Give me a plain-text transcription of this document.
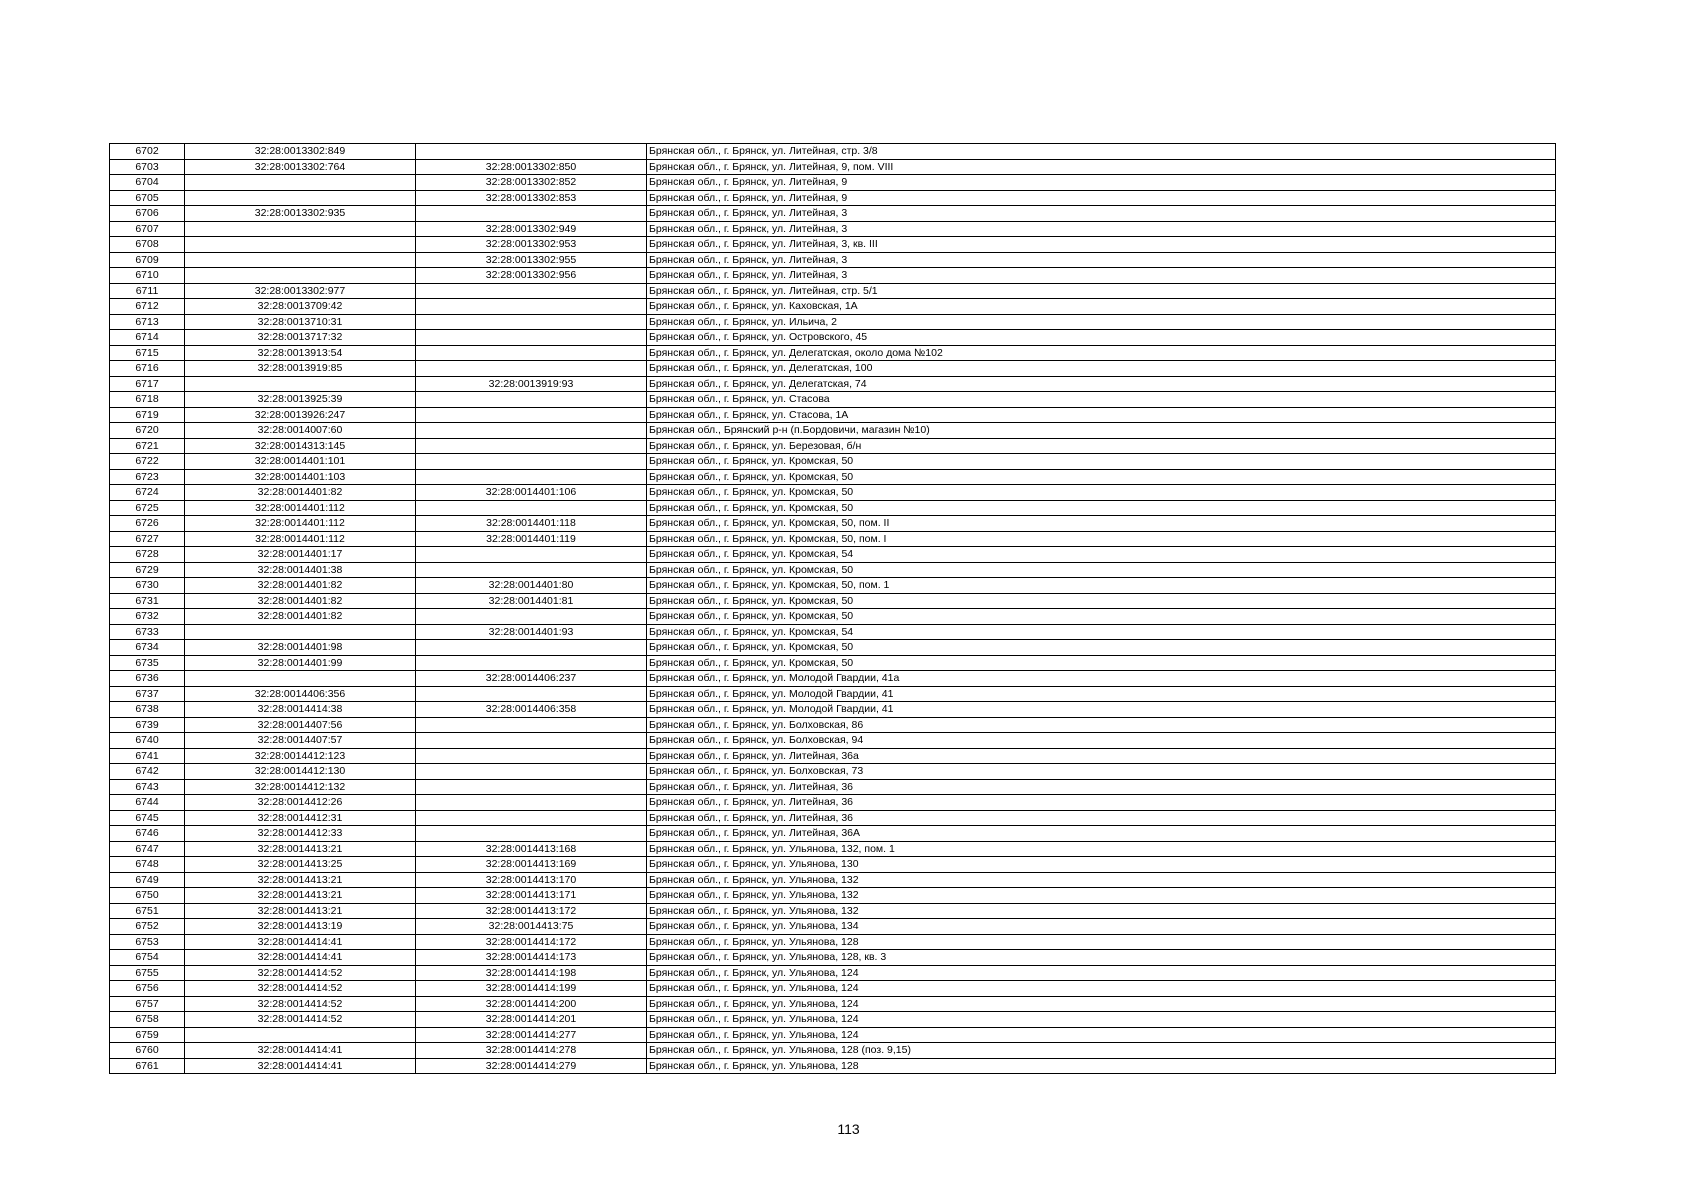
6702	32:28:0013302:849		Брянская обл., г. Брянск, ул. Литейная, стр. 3/8
6703	32:28:0013302:764	32:28:0013302:850	Брянская обл., г. Брянск, ул. Литейная, 9, пом. VIII
6704		32:28:0013302:852	Брянская обл., г. Брянск, ул. Литейная, 9
6705		32:28:0013302:853	Брянская обл., г. Брянск, ул. Литейная, 9
6706	32:28:0013302:935		Брянская обл., г. Брянск, ул. Литейная, 3
6707		32:28:0013302:949	Брянская обл., г. Брянск, ул. Литейная, 3
6708		32:28:0013302:953	Брянская обл., г. Брянск, ул. Литейная, 3, кв. III
6709		32:28:0013302:955	Брянская обл., г. Брянск, ул. Литейная, 3
6710		32:28:0013302:956	Брянская обл., г. Брянск, ул. Литейная, 3
6711	32:28:0013302:977		Брянская обл., г. Брянск, ул. Литейная, стр. 5/1
6712	32:28:0013709:42		Брянская обл., г. Брянск, ул. Каховская, 1А
6713	32:28:0013710:31		Брянская обл., г. Брянск, ул. Ильича, 2
6714	32:28:0013717:32		Брянская обл., г. Брянск, ул. Островского, 45
6715	32:28:0013913:54		Брянская обл., г. Брянск, ул. Делегатская, около дома №102
6716	32:28:0013919:85		Брянская обл., г. Брянск, ул. Делегатская, 100
6717		32:28:0013919:93	Брянская обл., г. Брянск, ул. Делегатская, 74
6718	32:28:0013925:39		Брянская обл., г. Брянск, ул. Стасова
6719	32:28:0013926:247		Брянская обл., г. Брянск, ул. Стасова, 1А
6720	32:28:0014007:60		Брянская обл., Брянский р-н (п.Бордовичи, магазин №10)
6721	32:28:0014313:145		Брянская обл., г. Брянск, ул. Березовая, б/н
6722	32:28:0014401:101		Брянская обл., г. Брянск, ул. Кромская, 50
6723	32:28:0014401:103		Брянская обл., г. Брянск, ул. Кромская, 50
6724	32:28:0014401:82	32:28:0014401:106	Брянская обл., г. Брянск, ул. Кромская, 50
6725	32:28:0014401:112		Брянская обл., г. Брянск, ул. Кромская, 50
6726	32:28:0014401:112	32:28:0014401:118	Брянская обл., г. Брянск, ул. Кромская, 50, пом. II
6727	32:28:0014401:112	32:28:0014401:119	Брянская обл., г. Брянск, ул. Кромская, 50, пом. I
6728	32:28:0014401:17		Брянская обл., г. Брянск, ул. Кромская, 54
6729	32:28:0014401:38		Брянская обл., г. Брянск, ул. Кромская, 50
6730	32:28:0014401:82	32:28:0014401:80	Брянская обл., г. Брянск, ул. Кромская, 50, пом. 1
6731	32:28:0014401:82	32:28:0014401:81	Брянская обл., г. Брянск, ул. Кромская, 50
6732	32:28:0014401:82		Брянская обл., г. Брянск, ул. Кромская, 50
6733		32:28:0014401:93	Брянская обл., г. Брянск, ул. Кромская, 54
6734	32:28:0014401:98		Брянская обл., г. Брянск, ул. Кромская, 50
6735	32:28:0014401:99		Брянская обл., г. Брянск, ул. Кромская, 50
6736		32:28:0014406:237	Брянская обл., г. Брянск, ул. Молодой Гвардии, 41а
6737	32:28:0014406:356		Брянская обл., г. Брянск, ул. Молодой Гвардии, 41
6738	32:28:0014414:38	32:28:0014406:358	Брянская обл., г. Брянск, ул. Молодой Гвардии, 41
6739	32:28:0014407:56		Брянская обл., г. Брянск, ул. Болховская, 86
6740	32:28:0014407:57		Брянская обл., г. Брянск, ул. Болховская, 94
6741	32:28:0014412:123		Брянская обл., г. Брянск, ул. Литейная, 36а
6742	32:28:0014412:130		Брянская обл., г. Брянск, ул. Болховская, 73
6743	32:28:0014412:132		Брянская обл., г. Брянск, ул. Литейная, 36
6744	32:28:0014412:26		Брянская обл., г. Брянск, ул. Литейная, 36
6745	32:28:0014412:31		Брянская обл., г. Брянск, ул. Литейная, 36
6746	32:28:0014412:33		Брянская обл., г. Брянск, ул. Литейная, 36А
6747	32:28:0014413:21	32:28:0014413:168	Брянская обл., г. Брянск, ул. Ульянова, 132, пом. 1
6748	32:28:0014413:25	32:28:0014413:169	Брянская обл., г. Брянск, ул. Ульянова, 130
6749	32:28:0014413:21	32:28:0014413:170	Брянская обл., г. Брянск, ул. Ульянова, 132
6750	32:28:0014413:21	32:28:0014413:171	Брянская обл., г. Брянск, ул. Ульянова, 132
6751	32:28:0014413:21	32:28:0014413:172	Брянская обл., г. Брянск, ул. Ульянова, 132
6752	32:28:0014413:19	32:28:0014413:75	Брянская обл., г. Брянск, ул. Ульянова, 134
6753	32:28:0014414:41	32:28:0014414:172	Брянская обл., г. Брянск, ул. Ульянова, 128
6754	32:28:0014414:41	32:28:0014414:173	Брянская обл., г. Брянск, ул. Ульянова, 128, кв. 3
6755	32:28:0014414:52	32:28:0014414:198	Брянская обл., г. Брянск, ул. Ульянова, 124
6756	32:28:0014414:52	32:28:0014414:199	Брянская обл., г. Брянск, ул. Ульянова, 124
6757	32:28:0014414:52	32:28:0014414:200	Брянская обл., г. Брянск, ул. Ульянова, 124
6758	32:28:0014414:52	32:28:0014414:201	Брянская обл., г. Брянск, ул. Ульянова, 124
6759		32:28:0014414:277	Брянская обл., г. Брянск, ул. Ульянова, 124
6760	32:28:0014414:41	32:28:0014414:278	Брянская обл., г. Брянск, ул. Ульянова, 128 (поз. 9,15)
6761	32:28:0014414:41	32:28:0014414:279	Брянская обл., г. Брянск, ул. Ульянова, 128
113
